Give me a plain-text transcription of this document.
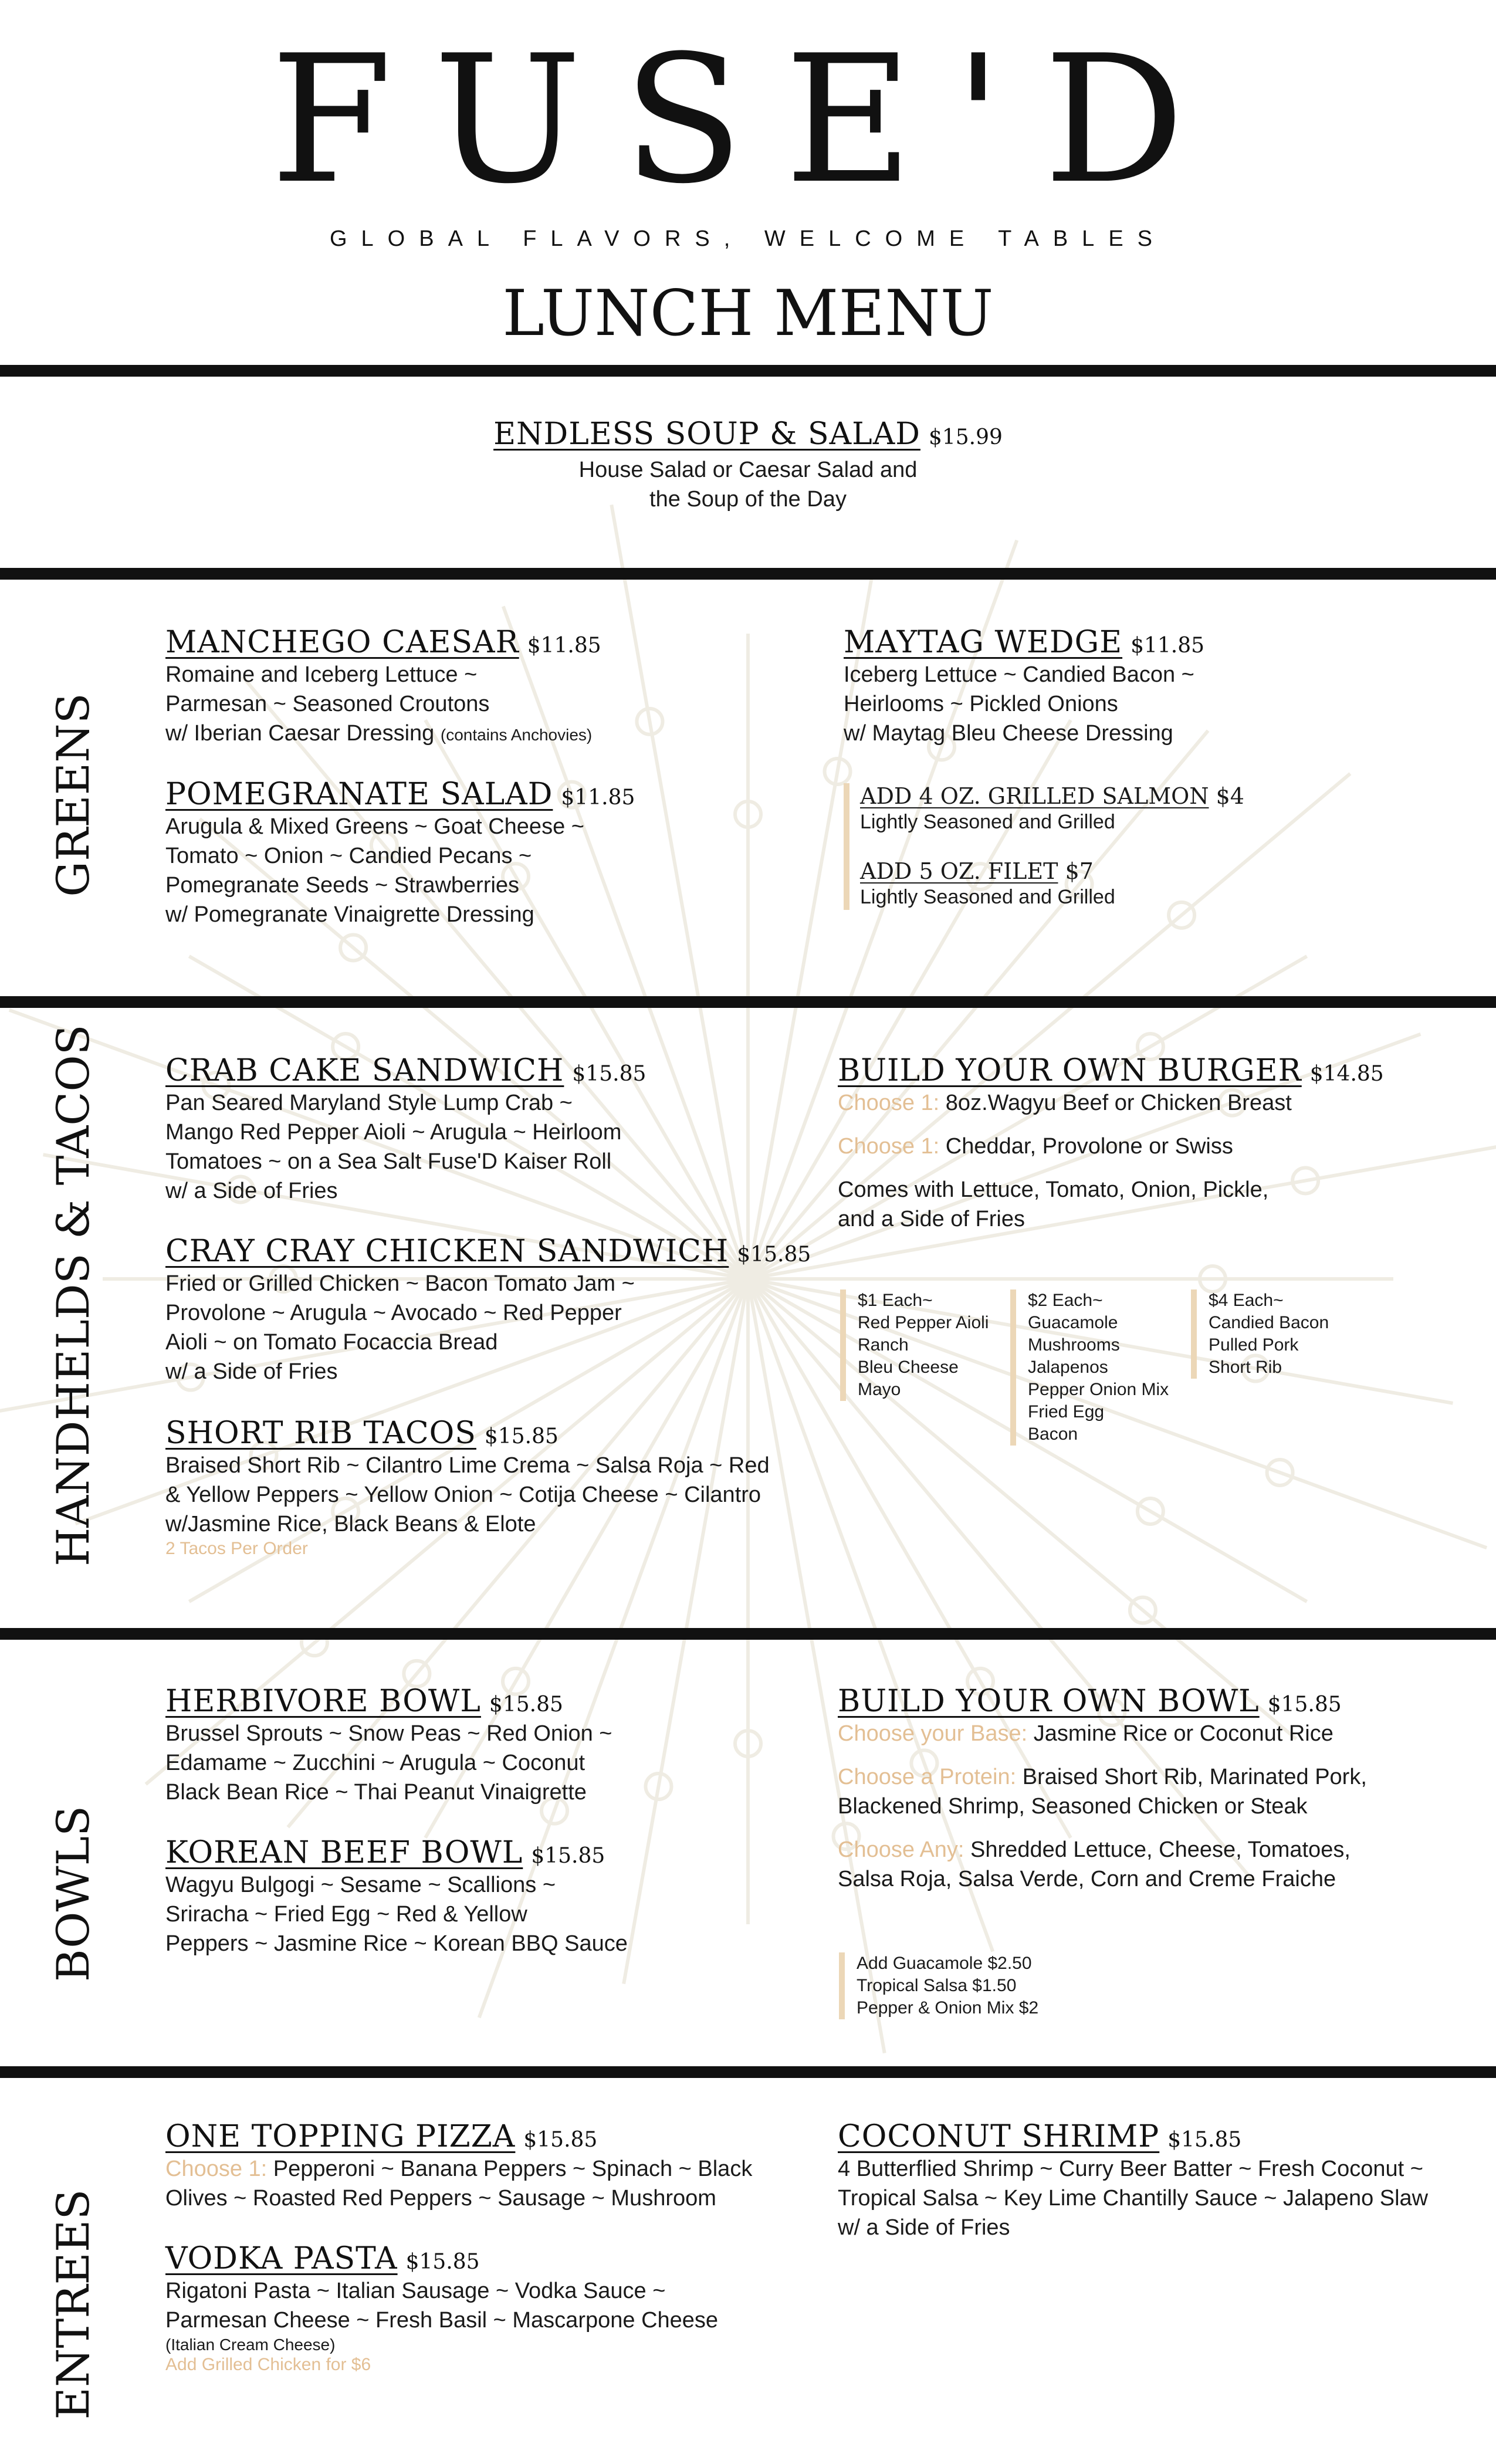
FUSE'D
GLOBAL FLAVORS, WELCOME TABLES
LUNCH MENU
ENDLESS SOUP & SALAD $15.99
House Salad or Caesar Salad and
the Soup of the Day
GREENS
MANCHEGO CAESAR $11.85
Romaine and Iceberg Lettuce ~
Parmesan ~ Seasoned Croutons
w/ Iberian Caesar Dressing (contains Anchovies)
POMEGRANATE SALAD $11.85
Arugula & Mixed Greens ~ Goat Cheese ~
Tomato ~ Onion ~ Candied Pecans ~
Pomegranate Seeds ~ Strawberries
w/ Pomegranate Vinaigrette Dressing
MAYTAG WEDGE $11.85
Iceberg Lettuce ~ Candied Bacon ~
Heirlooms ~ Pickled Onions
w/ Maytag Bleu Cheese Dressing
ADD 4 OZ. GRILLED SALMON $4
Lightly Seasoned and Grilled
ADD 5 OZ. FILET $7
Lightly Seasoned and Grilled
HANDHELDS & TACOS CRAB CAKE SANDWICH $15.85
Pan Seared Maryland Style Lump Crab ~
Mango Red Pepper Aioli ~ Arugula ~ Heirloom
Tomatoes ~ on a Sea Salt Fuse'D Kaiser Roll
w/ a Side of Fries
CRAY CRAY CHICKEN SANDWICH $15.85
Fried or Grilled Chicken ~ Bacon Tomato Jam ~
Provolone ~ Arugula ~ Avocado ~ Red Pepper
Aioli ~ on Tomato Focaccia Bread
w/ a Side of Fries
SHORT RIB TACOS $15.85
Braised Short Rib ~ Cilantro Lime Crema ~ Salsa Roja ~ Red
& Yellow Peppers ~ Yellow Onion ~ Cotija Cheese ~ Cilantro
w/Jasmine Rice, Black Beans & Elote
2 Tacos Per Order
BUILD YOUR OWN BURGER $14.85
Choose 1: 8oz.Wagyu Beef or Chicken Breast
Choose 1: Cheddar, Provolone or Swiss
Comes with Lettuce, Tomato, Onion, Pickle,
and a Side of Fries
$1 Each~
Red Pepper Aioli
Ranch
Bleu Cheese
Mayo
$2 Each~
Guacamole
Mushrooms
Jalapenos
Pepper Onion Mix
Fried Egg
Bacon
$4 Each~
Candied Bacon
Pulled Pork
Short Rib
BOWLS
HERBIVORE BOWL $15.85
Brussel Sprouts ~ Snow Peas ~ Red Onion ~
Edamame ~ Zucchini ~ Arugula ~ Coconut
Black Bean Rice ~ Thai Peanut Vinaigrette
KOREAN BEEF BOWL $15.85
Wagyu Bulgogi ~ Sesame ~ Scallions ~
Sriracha ~ Fried Egg ~ Red & Yellow
Peppers ~ Jasmine Rice ~ Korean BBQ Sauce
BUILD YOUR OWN BOWL $15.85
Choose your Base: Jasmine Rice or Coconut Rice
Choose a Protein: Braised Short Rib, Marinated Pork,
Blackened Shrimp, Seasoned Chicken or Steak
Choose Any: Shredded Lettuce, Cheese, Tomatoes,
Salsa Roja, Salsa Verde, Corn and Creme Fraiche
Add Guacamole $2.50
Tropical Salsa $1.50
Pepper & Onion Mix $2
ENTREES
ONE TOPPING PIZZA $15.85
Choose 1: Pepperoni ~ Banana Peppers ~ Spinach ~ Black
Olives ~ Roasted Red Peppers ~ Sausage ~ Mushroom
VODKA PASTA $15.85
Rigatoni Pasta ~ Italian Sausage ~ Vodka Sauce ~
Parmesan Cheese ~ Fresh Basil ~ Mascarpone Cheese
(Italian Cream Cheese)
Add Grilled Chicken for $6
COCONUT SHRIMP $15.85
4 Butterflied Shrimp ~ Curry Beer Batter ~ Fresh Coconut ~
Tropical Salsa ~ Key Lime Chantilly Sauce ~ Jalapeno Slaw
w/ a Side of Fries
